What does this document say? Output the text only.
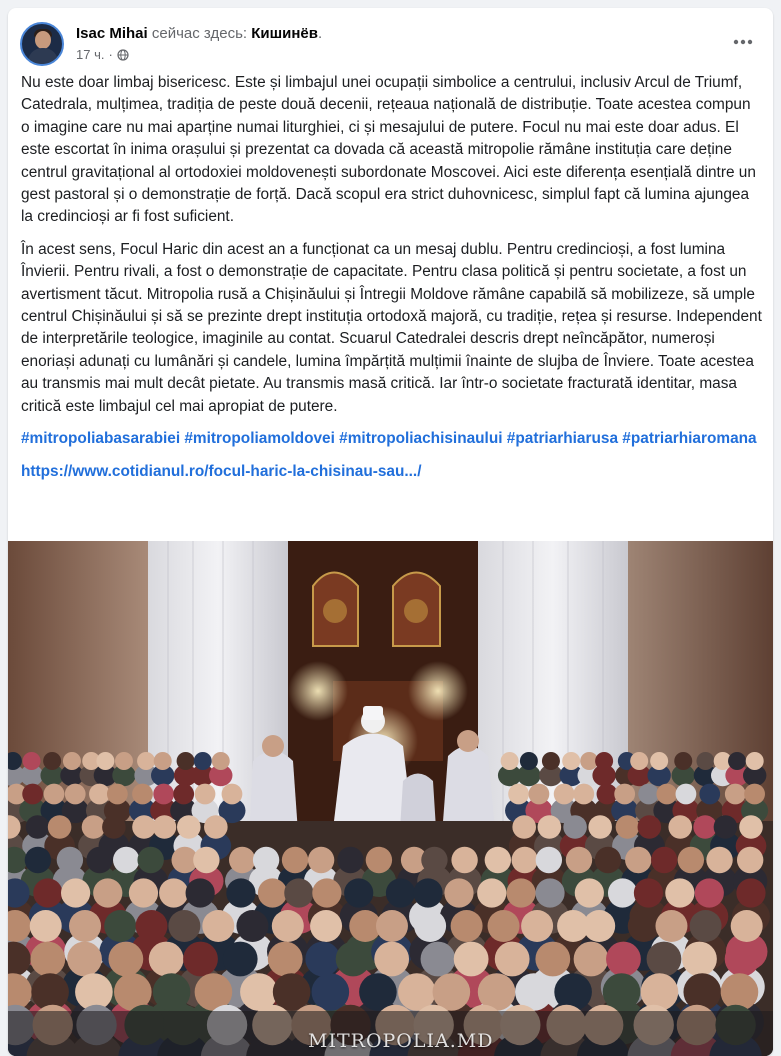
Isac Mihai сейчас здесь: Кишинёв.
17 ч. ·

Nu este doar limbaj bisericesc. Este și limbajul unei ocupații simbolice a centrului, inclusiv Arcul de Triumf, Catedrala, mulțimea, tradiția de peste două decenii, rețeaua națională de distribuție. Toate acestea compun o imagine care nu mai aparține numai liturghiei, ci și mesajului de putere. Focul nu mai este doar adus. El este escortat în inima orașului și prezentat ca dovada că această mitropolie rămâne instituția care deține centrul gravitațional al ortodoxiei moldovenești subordonate Moscovei. Aici este diferența esențială dintre un gest pastoral și o demonstrație de forță. Dacă scopul era strict duhovnicesc, simplul fapt că lumina ajungea la credincioși ar fi fost suficient.

În acest sens, Focul Haric din acest an a funcționat ca un mesaj dublu. Pentru credincioși, a fost lumina Învierii. Pentru rivali, a fost o demonstrație de capacitate. Pentru clasa politică și pentru societate, a fost un avertisment tăcut. Mitropolia rusă a Chișinăului și Întregii Moldove rămâne capabilă să mobilizeze, să umple centrul Chișinăului și să se prezinte drept instituția ortodoxă majoră, cu tradiție, rețea și resurse. Independent de interpretările teologice, imaginile au contat. Scuarul Catedralei descris drept neîncăpător, numeroși enoriași adunați cu lumânări și candele, lumina împărțită mulțimii înainte de slujba de Înviere. Toate acestea au transmis mai mult decât pietate. Au transmis masă critică. Iar într-o societate fracturată identitar, masa critică este limbajul cel mai apropiat de putere.

#mitropoliabasarabiei #mitropoliamoldovei #mitropoliachisinaului #patriarhiarusa #patriarhiaromana
https://www.cotidianul.ro/focul-haric-la-chisinau-sau.../
MITROPOLIA.MD
